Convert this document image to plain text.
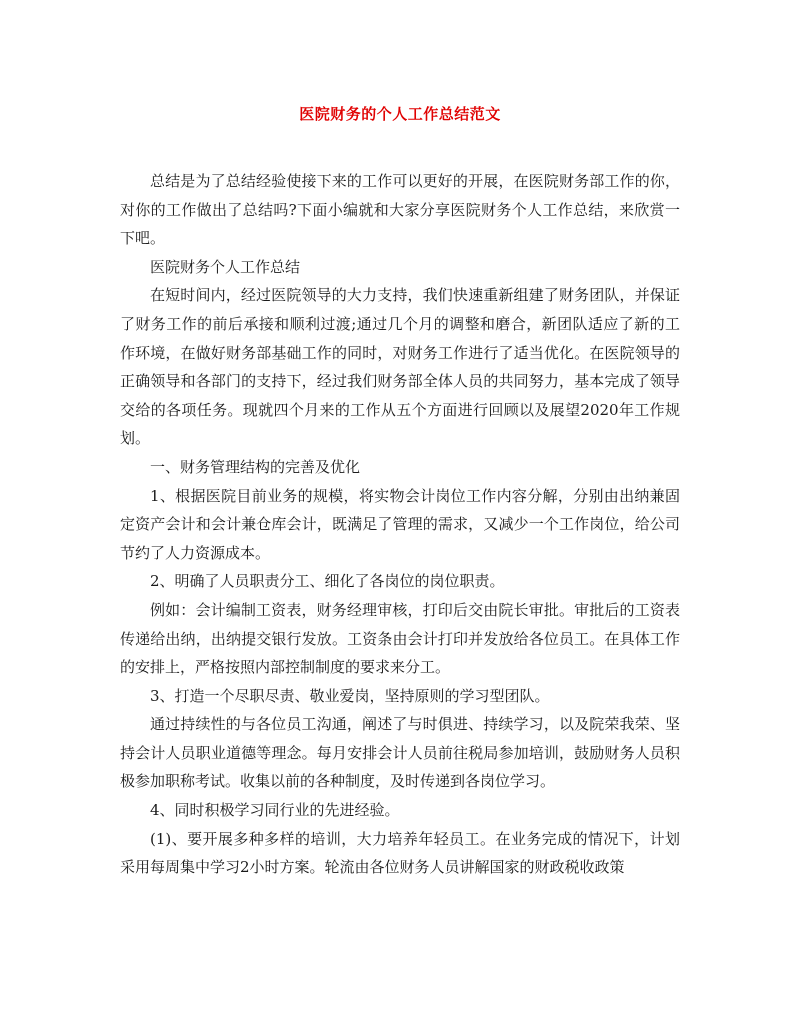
医院财务的个人工作总结范文

总结是为了总结经验使接下来的工作可以更好的开展，在医院财务部工作的你，对你的工作做出了总结吗?下面小编就和大家分享医院财务个人工作总结，来欣赏一下吧。

医院财务个人工作总结

在短时间内，经过医院领导的大力支持，我们快速重新组建了财务团队，并保证了财务工作的前后承接和顺利过渡;通过几个月的调整和磨合，新团队适应了新的工作环境，在做好财务部基础工作的同时，对财务工作进行了适当优化。在医院领导的正确领导和各部门的支持下，经过我们财务部全体人员的共同努力，基本完成了领导交给的各项任务。现就四个月来的工作从五个方面进行回顾以及展望2020年工作规划。

一、财务管理结构的完善及优化

1、根据医院目前业务的规模，将实物会计岗位工作内容分解，分别由出纳兼固定资产会计和会计兼仓库会计，既满足了管理的需求，又减少一个工作岗位，给公司节约了人力资源成本。

2、明确了人员职责分工、细化了各岗位的岗位职责。

例如：会计编制工资表，财务经理审核，打印后交由院长审批。审批后的工资表传递给出纳，出纳提交银行发放。工资条由会计打印并发放给各位员工。在具体工作的安排上，严格按照内部控制制度的要求来分工。

3、打造一个尽职尽责、敬业爱岗，坚持原则的学习型团队。

通过持续性的与各位员工沟通，阐述了与时俱进、持续学习，以及院荣我荣、坚持会计人员职业道德等理念。每月安排会计人员前往税局参加培训，鼓励财务人员积极参加职称考试。收集以前的各种制度，及时传递到各岗位学习。

4、同时积极学习同行业的先进经验。

(1)、要开展多种多样的培训，大力培养年轻员工。在业务完成的情况下，计划采用每周集中学习2小时方案。轮流由各位财务人员讲解国家的财政税收政策
